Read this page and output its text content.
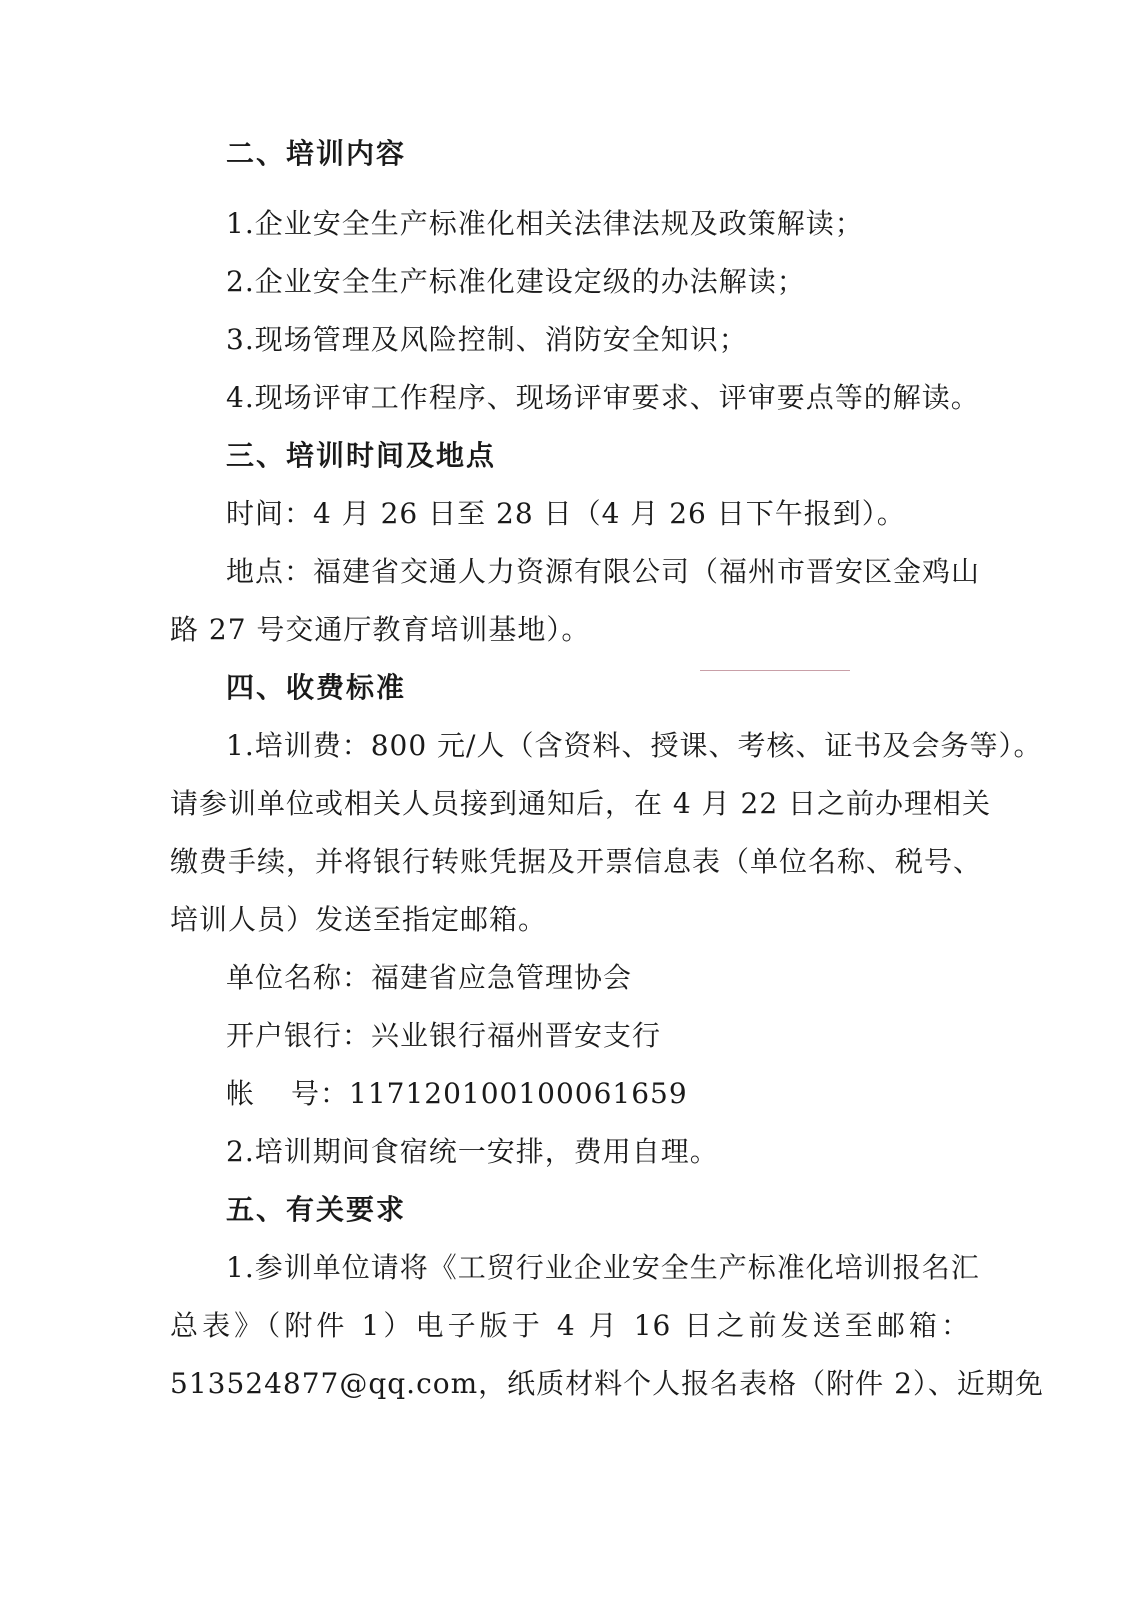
二、培训内容
1.企业安全生产标准化相关法律法规及政策解读；
2.企业安全生产标准化建设定级的办法解读；
3.现场管理及风险控制、消防安全知识；
4.现场评审工作程序、现场评审要求、评审要点等的解读。
三、培训时间及地点
时间：4 月 26 日至 28 日（4 月 26 日下午报到）。
地点：福建省交通人力资源有限公司（福州市晋安区金鸡山
路 27 号交通厅教育培训基地）。
四、收费标准
1.培训费：800 元/人（含资料、授课、考核、证书及会务等）。
请参训单位或相关人员接到通知后，在 4 月 22 日之前办理相关
缴费手续，并将银行转账凭据及开票信息表（单位名称、税号、
培训人员）发送至指定邮箱。
单位名称：福建省应急管理协会
开户银行：兴业银行福州晋安支行
帐 号：117120100100061659
2.培训期间食宿统一安排，费用自理。
五、有关要求
1.参训单位请将《工贸行业企业安全生产标准化培训报名汇
总表》（附件 1）电子版于 4 月 16 日之前发送至邮箱：
513524877@qq.com，纸质材料个人报名表格（附件 2）、近期免
